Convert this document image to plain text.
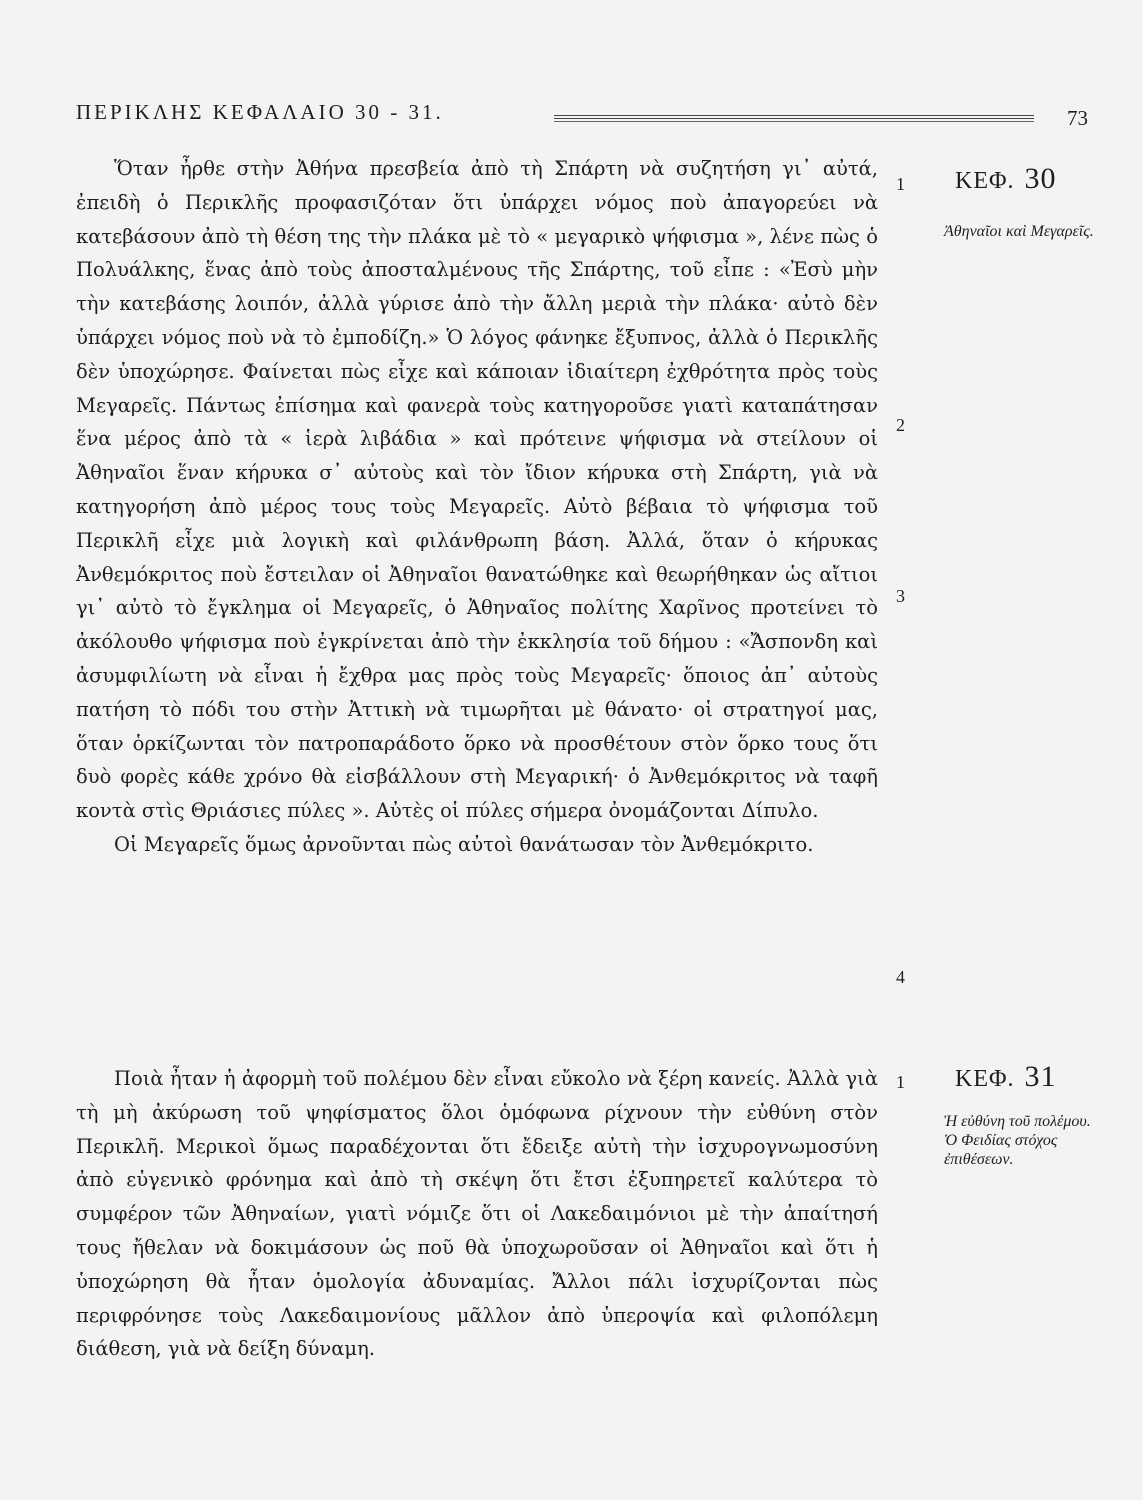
ΠΕΡΙΚΛΗΣ ΚΕΦΑΛΑΙΟ 30 - 31.	73

Ὅταν ἦρθε στὴν Ἀθήνα πρεσβεία ἀπὸ τὴ Σπάρτη νὰ συζητήση γι᾿ αὐτά, ἐπειδὴ ὁ Περικλῆς προφασιζόταν ὅτι ὑπάρχει νόμος ποὺ ἀπαγορεύει νὰ κατεβάσουν ἀπὸ τὴ θέση της τὴν πλάκα μὲ τὸ « μεγαρικὸ ψήφισμα », λένε πὼς ὁ Πολυάλκης, ἕνας ἀπὸ τοὺς ἀποσταλμένους τῆς Σπάρτης, τοῦ εἶπε : «Ἐσὺ μὴν τὴν κατεβάσης λοιπόν, ἀλλὰ γύρισε ἀπὸ τὴν ἄλλη μεριὰ τὴν πλάκα· αὐτὸ δὲν ὑπάρχει νόμος ποὺ νὰ τὸ ἐμποδίζη.» Ὁ λόγος φάνηκε ἔξυπνος, ἀλλὰ ὁ Περικλῆς δὲν ὑποχώρησε. Φαίνεται πὼς εἶχε καὶ κάποιαν ἰδιαίτερη ἐχθρότητα πρὸς τοὺς Μεγαρεῖς. Πάντως ἐπίσημα καὶ φανερὰ τοὺς κατηγοροῦσε γιατὶ καταπάτησαν ἕνα μέρος ἀπὸ τὰ « ἱερὰ λιβάδια » καὶ πρότεινε ψήφισμα νὰ στείλουν οἱ Ἀθηναῖοι ἕναν κήρυκα σ᾿ αὐτοὺς καὶ τὸν ἴδιον κήρυκα στὴ Σπάρτη, γιὰ νὰ κατηγορήση ἀπὸ μέρος τους τοὺς Μεγαρεῖς. Αὐτὸ βέβαια τὸ ψήφισμα τοῦ Περικλῆ εἶχε μιὰ λογικὴ καὶ φιλάνθρωπη βάση. Ἀλλά, ὅταν ὁ κήρυκας Ἀνθεμόκριτος ποὺ ἔστειλαν οἱ Ἀθηναῖοι θανατώθηκε καὶ θεωρήθηκαν ὡς αἴτιοι γι᾿ αὐτὸ τὸ ἔγκλημα οἱ Μεγαρεῖς, ὁ Ἀθηναῖος πολίτης Χαρῖνος προτείνει τὸ ἀκόλουθο ψήφισμα ποὺ ἐγκρίνεται ἀπὸ τὴν ἐκκλησία τοῦ δήμου : «Ἄσπονδη καὶ ἀσυμφιλίωτη νὰ εἶναι ἡ ἔχθρα μας πρὸς τοὺς Μεγαρεῖς· ὅποιος ἀπ᾿ αὐτοὺς πατήση τὸ πόδι του στὴν Ἀττικὴ νὰ τιμωρῆται μὲ θάνατο· οἱ στρατηγοί μας, ὅταν ὁρκίζωνται τὸν πατροπαράδοτο ὅρκο νὰ προσθέτουν στὸν ὅρκο τους ὅτι δυὸ φορὲς κάθε χρόνο θὰ εἰσβάλλουν στὴ Μεγαρική· ὁ Ἀνθεμόκριτος νὰ ταφῆ κοντὰ στὶς Θριάσιες πύλες ». Αὐτὲς οἱ πύλες σήμερα ὀνομάζονται Δίπυλο.

Οἱ Μεγαρεῖς ὅμως ἀρνοῦνται πὼς αὐτοὶ θανάτωσαν τὸν Ἀνθεμόκριτο.

1
2
3
4
ΚΕΦ. 30
Ἀθηναῖοι καὶ Μεγαρεῖς.

Ποιὰ ἦταν ἡ ἀφορμὴ τοῦ πολέμου δὲν εἶναι εὔκολο νὰ ξέρη κανείς. Ἀλλὰ γιὰ τὴ μὴ ἀκύρωση τοῦ ψηφίσματος ὅλοι ὁμόφωνα ρίχνουν τὴν εὐθύνη στὸν Περικλῆ. Μερικοὶ ὅμως παραδέχονται ὅτι ἔδειξε αὐτὴ τὴν ἰσχυρογνωμοσύνη ἀπὸ εὐγενικὸ φρόνημα καὶ ἀπὸ τὴ σκέψη ὅτι ἔτσι ἐξυπηρετεῖ καλύτερα τὸ συμφέρον τῶν Ἀθηναίων, γιατὶ νόμιζε ὅτι οἱ Λακεδαιμόνιοι μὲ τὴν ἀπαίτησή τους ἤθελαν νὰ δοκιμάσουν ὡς ποῦ θὰ ὑποχωροῦσαν οἱ Ἀθηναῖοι καὶ ὅτι ἡ ὑποχώρηση θὰ ἦταν ὁμολογία ἀδυναμίας. Ἄλλοι πάλι ἰσχυρίζονται πὼς περιφρόνησε τοὺς Λακεδαιμονίους μᾶλλον ἀπὸ ὑπεροψία καὶ φιλοπόλεμη διάθεση, γιὰ νὰ δείξη δύναμη.

1 ΚΕΦ. 31
Ἡ εὐθύνη τοῦ πολέμου. Ὁ Φειδίας στόχος ἐπιθέσεων.
